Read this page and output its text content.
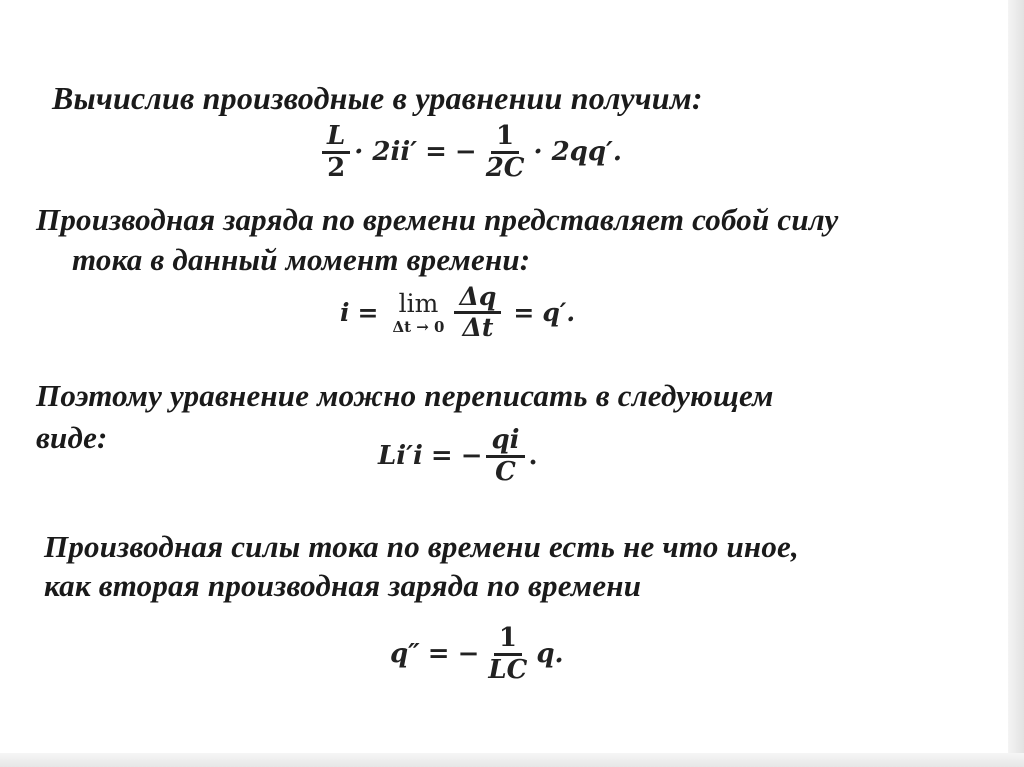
Вычислив производные в уравнении получим:

$\frac{L}{2} \cdot 2ii'$ = − $\frac{1}{2C} \cdot 2qq'$.

Производная заряда по времени представляет собой силу

тока в данный момент времени:

i = lim
$\Delta t \to 0 \frac{\Delta q}{\Delta t} = q'$.

Поэтому уравнение можно переписать в следующем

виде:

Li′i = − $\frac{qi}{C}$ .

Производная силы тока по времени есть не что иное,

как вторая производная заряда по времени

q″ = − $\frac{1}{LC} q$.
